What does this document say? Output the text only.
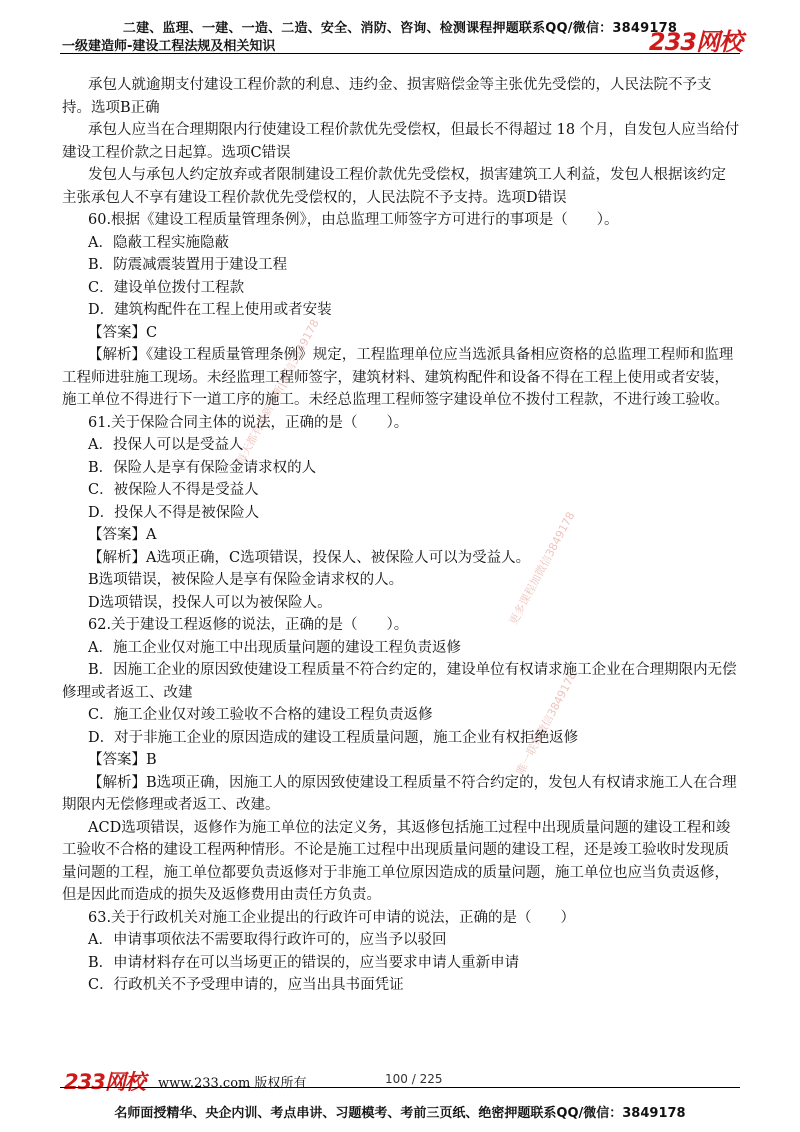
二建、监理、一建、一造、二造、安全、消防、咨询、检测课程押题联系QQ/微信：3849178
一级建造师-建设工程法规及相关知识	233网校
每天都有最新更新|微信3849178
更多课程加微信3849178
唯一联系微信3849178

承包人就逾期支付建设工程价款的利息、违约金、损害赔偿金等主张优先受偿的，人民法院不予支持。选项B正确

承包人应当在合理期限内行使建设工程价款优先受偿权，但最长不得超过 18 个月，自发包人应当给付建设工程价款之日起算。选项C错误

发包人与承包人约定放弃或者限制建设工程价款优先受偿权，损害建筑工人利益，发包人根据该约定主张承包人不享有建设工程价款优先受偿权的，人民法院不予支持。选项D错误

60.根据《建设工程质量管理条例》，由总监理工师签字方可进行的事项是（　　）。

A．隐蔽工程实施隐蔽

B．防震减震装置用于建设工程

C．建设单位拨付工程款

D．建筑构配件在工程上使用或者安装

【答案】C

【解析】《建设工程质量管理条例》规定，工程监理单位应当选派具备相应资格的总监理工程师和监理工程师进驻施工现场。未经监理工程师签字，建筑材料、建筑构配件和设备不得在工程上使用或者安装，施工单位不得进行下一道工序的施工。未经总监理工程师签字建设单位不拨付工程款，不进行竣工验收。

61.关于保险合同主体的说法，正确的是（　　）。

A．投保人可以是受益人

B．保险人是享有保险金请求权的人

C．被保险人不得是受益人

D．投保人不得是被保险人

【答案】A

【解析】A选项正确，C选项错误，投保人、被保险人可以为受益人。

B选项错误，被保险人是享有保险金请求权的人。

D选项错误，投保人可以为被保险人。

62.关于建设工程返修的说法，正确的是（　　）。

A．施工企业仅对施工中出现质量问题的建设工程负责返修

B．因施工企业的原因致使建设工程质量不符合约定的，建设单位有权请求施工企业在合理期限内无偿修理或者返工、改建

C．施工企业仅对竣工验收不合格的建设工程负责返修

D．对于非施工企业的原因造成的建设工程质量问题，施工企业有权拒绝返修

【答案】B

【解析】B选项正确，因施工人的原因致使建设工程质量不符合约定的，发包人有权请求施工人在合理期限内无偿修理或者返工、改建。

ACD选项错误，返修作为施工单位的法定义务，其返修包括施工过程中出现质量问题的建设工程和竣工验收不合格的建设工程两种情形。不论是施工过程中出现质量问题的建设工程，还是竣工验收时发现质量问题的工程，施工单位都要负责返修对于非施工单位原因造成的质量问题，施工单位也应当负责返修，但是因此而造成的损失及返修费用由责任方负责。

63.关于行政机关对施工企业提出的行政许可申请的说法，正确的是（　　）

A．申请事项依法不需要取得行政许可的，应当予以驳回

B．申请材料存在可以当场更正的错误的，应当要求申请人重新申请

C．行政机关不予受理申请的，应当出具书面凭证

233网校 www.233.com 版权所有	100 / 225
名师面授精华、央企内训、考点串讲、习题模考、考前三页纸、绝密押题联系QQ/微信：3849178
